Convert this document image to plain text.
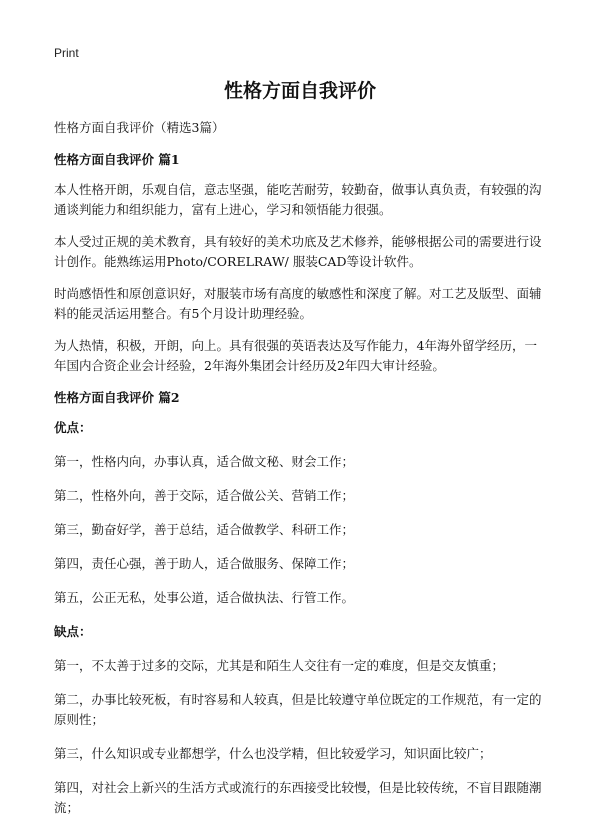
Print
性格方面自我评价

性格方面自我评价（精选3篇）

性格方面自我评价 篇1

本人性格开朗，乐观自信，意志坚强，能吃苦耐劳，较勤奋，做事认真负责，有较强的沟通谈判能力和组织能力，富有上进心，学习和领悟能力很强。

本人受过正规的美术教育，具有较好的美术功底及艺术修养，能够根据公司的需要进行设计创作。能熟练运用Photo/CORELRAW/ 服装CAD等设计软件。

时尚感悟性和原创意识好，对服装市场有高度的敏感性和深度了解。对工艺及版型、面辅料的能灵活运用整合。有5个月设计助理经验。

为人热情，积极，开朗，向上。具有很强的英语表达及写作能力，4年海外留学经历，一年国内合资企业会计经验，2年海外集团会计经历及2年四大审计经验。

性格方面自我评价 篇2

优点：

第一，性格内向，办事认真，适合做文秘、财会工作；

第二，性格外向，善于交际，适合做公关、营销工作；

第三，勤奋好学，善于总结，适合做教学、科研工作；

第四，责任心强，善于助人，适合做服务、保障工作；

第五，公正无私，处事公道，适合做执法、行管工作。

缺点：

第一，不太善于过多的交际，尤其是和陌生人交往有一定的难度，但是交友慎重；

第二，办事比较死板，有时容易和人较真，但是比较遵守单位既定的工作规范，有一定的原则性；

第三，什么知识或专业都想学，什么也没学精，但比较爱学习，知识面比较广；

第四，对社会上新兴的生活方式或流行的东西接受比较慢，但是比较传统，不盲目跟随潮流；
